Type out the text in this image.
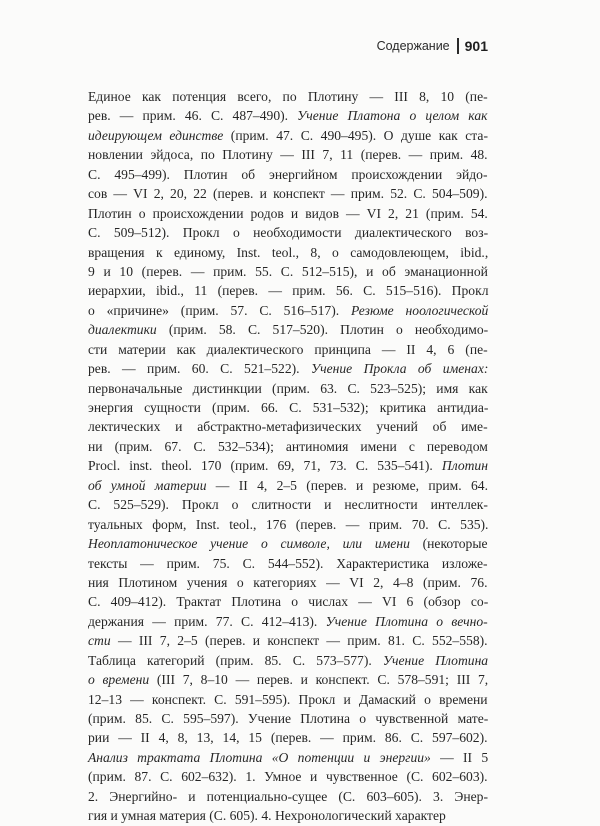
Содержание 901
Единое как потенция всего, по Плотину — III 8, 10 (пе-
рев. — прим. 46. С. 487–490). Учение Платона о целом как
идеирующем единстве (прим. 47. С. 490–495). О душе как ста-
новлении эйдоса, по Плотину — III 7, 11 (перев. — прим. 48.
С. 495–499). Плотин об энергийном происхождении эйдо-
сов — VI 2, 20, 22 (перев. и конспект — прим. 52. С. 504–509).
Плотин о происхождении родов и видов — VI 2, 21 (прим. 54.
С. 509–512). Прокл о необходимости диалектического воз-
вращения к единому, Inst. teol., 8, о самодовлеющем, ibid.,
9 и 10 (перев. — прим. 55. С. 512–515), и об эманационной
иерархии, ibid., 11 (перев. — прим. 56. С. 515–516). Прокл
о «причине» (прим. 57. С. 516–517). Резюме ноологической
диалектики (прим. 58. С. 517–520). Плотин о необходимо-
сти материи как диалектического принципа — II 4, 6 (пе-
рев. — прим. 60. С. 521–522). Учение Прокла об именах:
первоначальные дистинкции (прим. 63. С. 523–525); имя как
энергия сущности (прим. 66. С. 531–532); критика антидиа-
лектических и абстрактно-метафизических учений об име-
ни (прим. 67. С. 532–534); антиномия имени с переводом
Procl. inst. theol. 170 (прим. 69, 71, 73. С. 535–541). Плотин
об умной материи — II 4, 2–5 (перев. и резюме, прим. 64.
С. 525–529). Прокл о слитности и неслитности интеллек-
туальных форм, Inst. teol., 176 (перев. — прим. 70. С. 535).
Неоплатоническое учение о символе, или имени (некоторые
тексты — прим. 75. С. 544–552). Характеристика изложе-
ния Плотином учения о категориях — VI 2, 4–8 (прим. 76.
С. 409–412). Трактат Плотина о числах — VI 6 (обзор со-
держания — прим. 77. С. 412–413). Учение Плотина о вечно-
сти — III 7, 2–5 (перев. и конспект — прим. 81. С. 552–558).
Таблица категорий (прим. 85. С. 573–577). Учение Плотина
о времени (III 7, 8–10 — перев. и конспект. С. 578–591; III 7,
12–13 — конспект. С. 591–595). Прокл и Дамаский о времени
(прим. 85. С. 595–597). Учение Плотина о чувственной мате-
рии — II 4, 8, 13, 14, 15 (перев. — прим. 86. С. 597–602).
Анализ трактата Плотина «О потенции и энергии» — II 5
(прим. 87. С. 602–632). 1. Умное и чувственное (С. 602–603).
2. Энергийно- и потенциально-сущее (С. 603–605). 3. Энер-
гия и умная материя (С. 605). 4. Нехронологический характер
